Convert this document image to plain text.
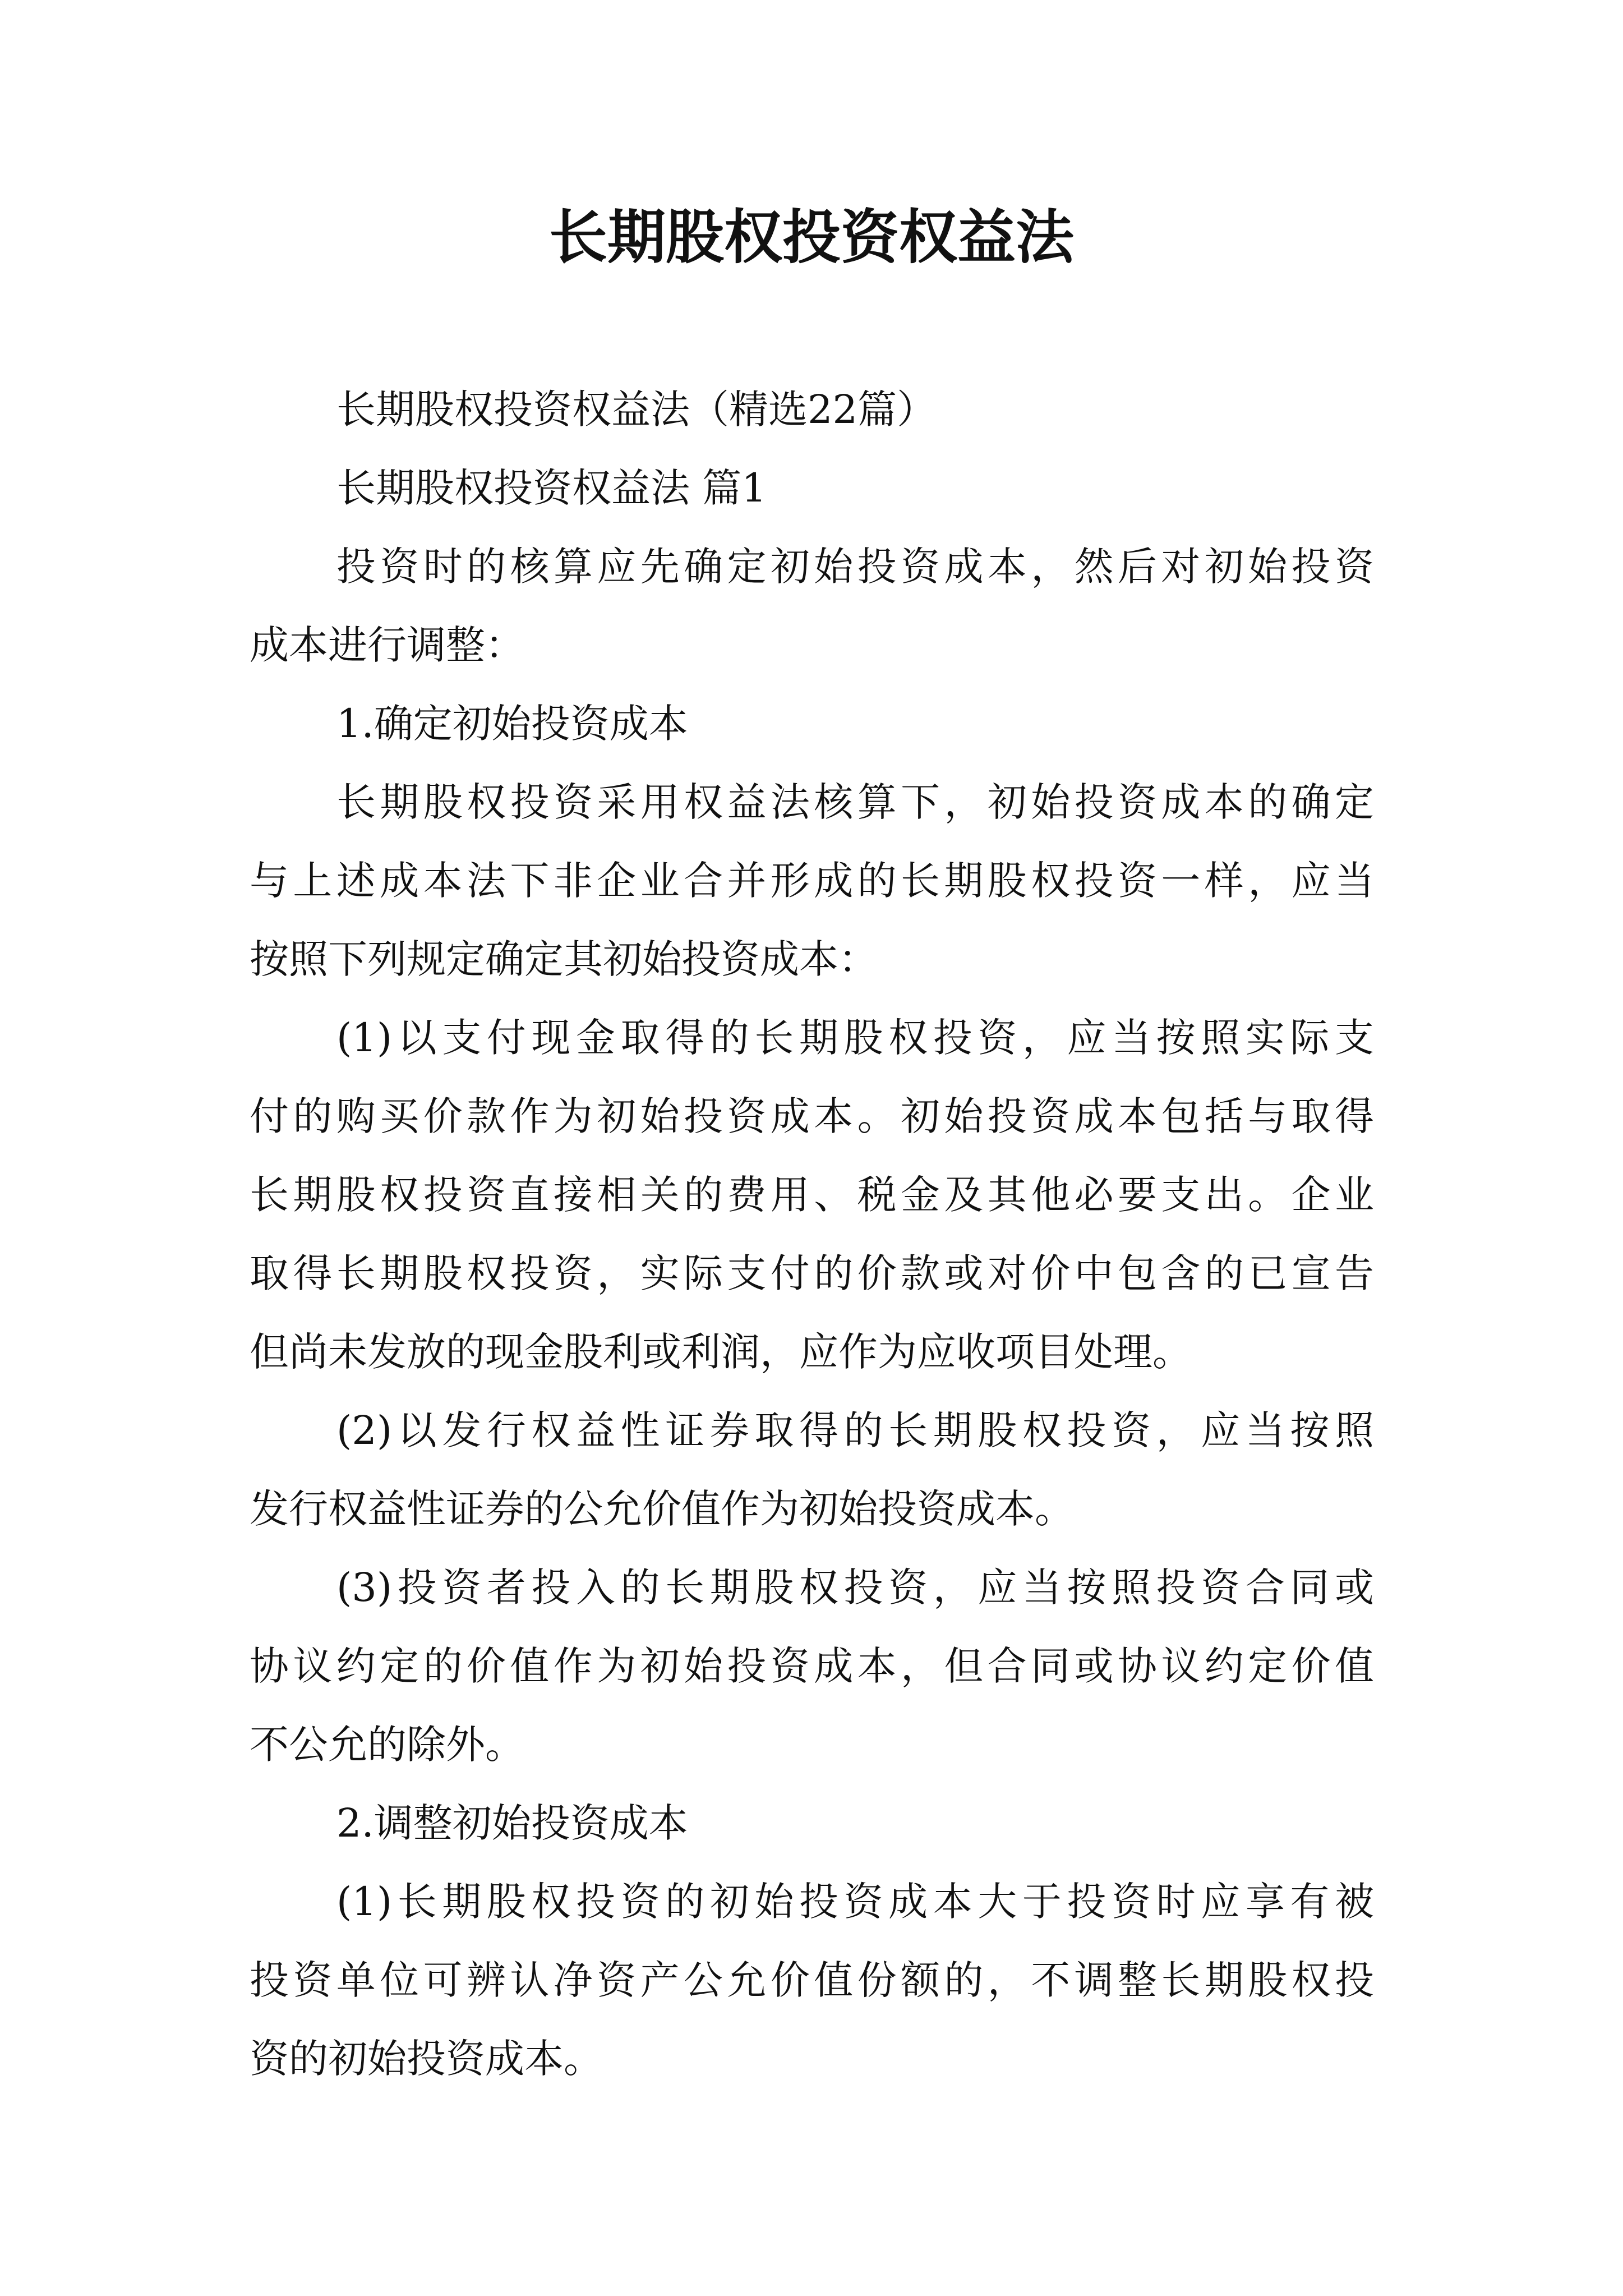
长期股权投资权益法
长期股权投资权益法（精选22篇）
长期股权投资权益法 篇1
投资时的核算应先确定初始投资成本，然后对初始投资
成本进行调整：
1.确定初始投资成本
长期股权投资采用权益法核算下，初始投资成本的确定
与上述成本法下非企业合并形成的长期股权投资一样，应当
按照下列规定确定其初始投资成本：
(1)以支付现金取得的长期股权投资，应当按照实际支
付的购买价款作为初始投资成本。初始投资成本包括与取得
长期股权投资直接相关的费用、税金及其他必要支出。企业
取得长期股权投资，实际支付的价款或对价中包含的已宣告
但尚未发放的现金股利或利润，应作为应收项目处理。
(2)以发行权益性证券取得的长期股权投资，应当按照
发行权益性证券的公允价值作为初始投资成本。
(3)投资者投入的长期股权投资，应当按照投资合同或
协议约定的价值作为初始投资成本，但合同或协议约定价值
不公允的除外。
2.调整初始投资成本
(1)长期股权投资的初始投资成本大于投资时应享有被
投资单位可辨认净资产公允价值份额的，不调整长期股权投
资的初始投资成本。
